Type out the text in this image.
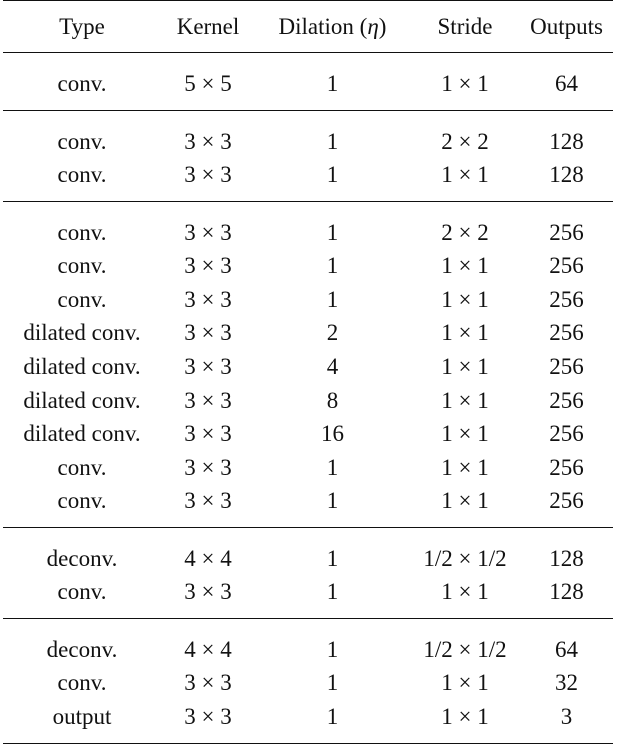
Type	Kernel	Dilation (η)	Stride	Outputs
conv.	5 × 5	1	1 × 1	64
conv.	3 × 3	1	2 × 2	128
conv.	3 × 3	1	1 × 1	128
conv.	3 × 3	1	2 × 2	256
conv.	3 × 3	1	1 × 1	256
conv.	3 × 3	1	1 × 1	256
dilated conv.	3 × 3	2	1 × 1	256
dilated conv.	3 × 3	4	1 × 1	256
dilated conv.	3 × 3	8	1 × 1	256
dilated conv.	3 × 3	16	1 × 1	256
conv.	3 × 3	1	1 × 1	256
conv.	3 × 3	1	1 × 1	256
deconv.	4 × 4	1	1/2 × 1/2	128
conv.	3 × 3	1	1 × 1	128
deconv.	4 × 4	1	1/2 × 1/2	64
conv.	3 × 3	1	1 × 1	32
output	3 × 3	1	1 × 1	3
